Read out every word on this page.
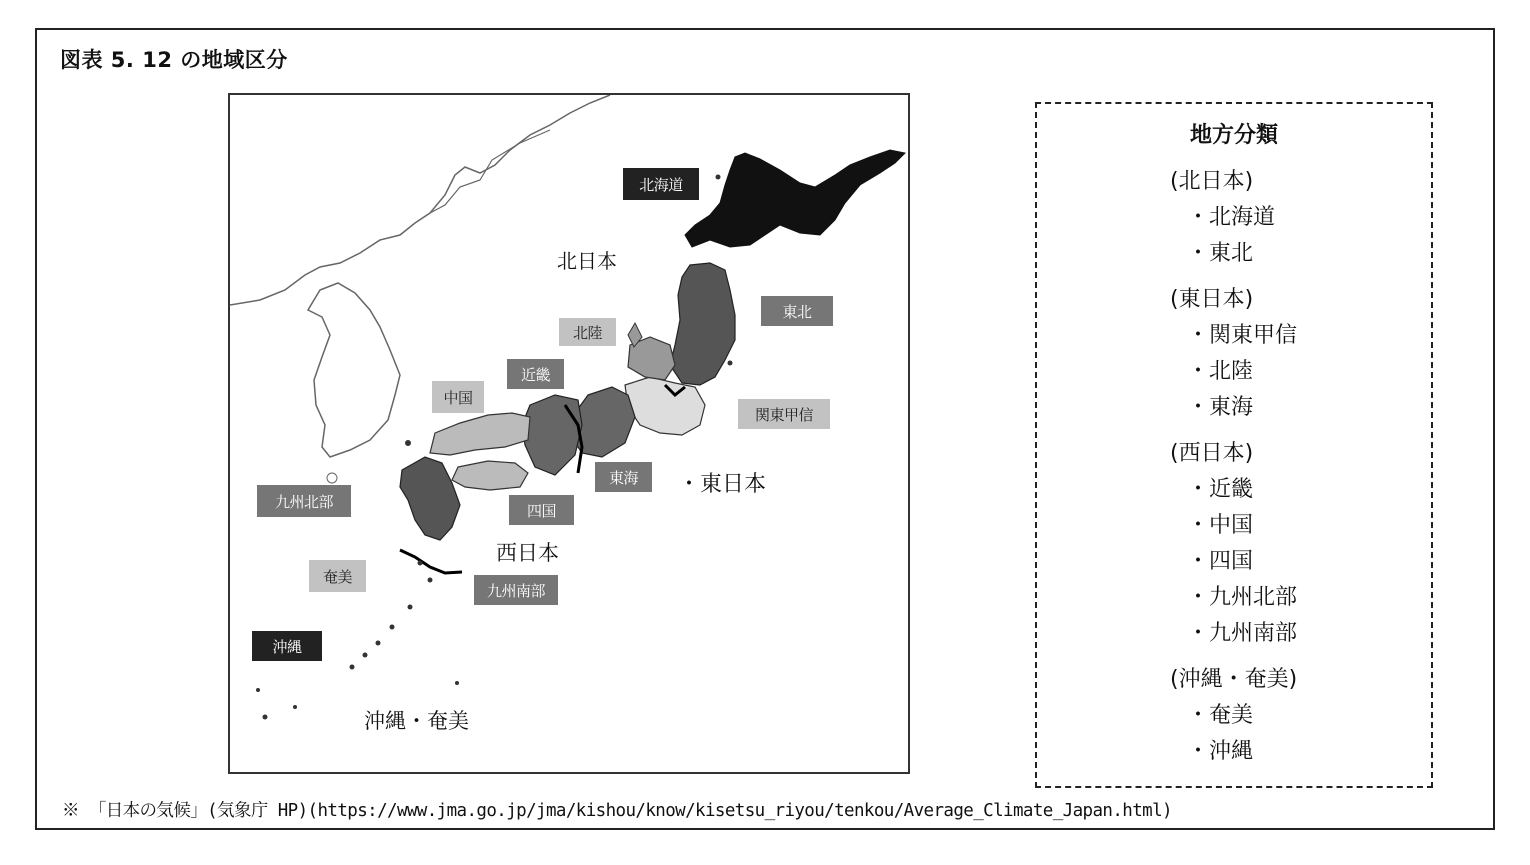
図表 5. 12 の地域区分
北海道
東北
北陸
近畿
中国
関東甲信
東海
四国
九州北部
奄美
九州南部
沖縄
北日本
・東日本
西日本
沖縄・奄美
地方分類
(北日本)
・北海道
・東北
(東日本)
・関東甲信
・北陸
・東海
(西日本)
・近畿
・中国
・四国
・九州北部
・九州南部
(沖縄・奄美)
・奄美
・沖縄
※ 「日本の気候」(気象庁 HP)(https://www.jma.go.jp/jma/kishou/know/kisetsu_riyou/tenkou/Average_Climate_Japan.html)
